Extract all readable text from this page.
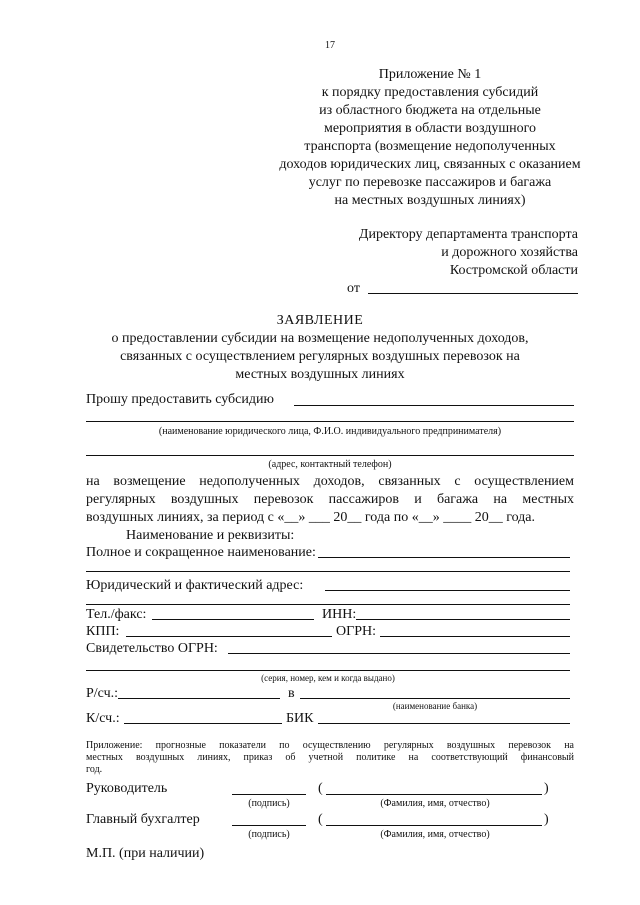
17
Приложение № 1
к порядку предоставления субсидий
из областного бюджета на отдельные
мероприятия в области воздушного
транспорта (возмещение недополученных
доходов юридических лиц, связанных с оказанием
услуг по перевозке пассажиров и багажа
на местных воздушных линиях)
Директору департамента транспорта
и дорожного хозяйства
Костромской области
от
ЗАЯВЛЕНИЕ
о предоставлении субсидии на возмещение недополученных доходов,
связанных с осуществлением регулярных воздушных перевозок на
местных воздушных линиях
Прошу предоставить субсидию
(наименование юридического лица, Ф.И.О. индивидуального предпринимателя)
(адрес, контактный телефон)
на возмещение недополученных доходов, связанных с осуществлением
регулярных воздушных перевозок пассажиров и багажа на местных
воздушных линиях, за период с «__» ___ 20__ года по «__» ____ 20__ года.
Наименование и реквизиты:
Полное и сокращенное наименование:
Юридический и фактический адрес:
Тел./факс:	ИНН:
КПП:	ОГРН:
Свидетельство ОГРН:
(серия, номер, кем и когда выдано)
Р/сч.:	в
(наименование банка)
К/сч.:	БИК
Приложение: прогнозные показатели по осуществлению регулярных воздушных перевозок на
местных воздушных линиях, приказ об учетной политике на соответствующий финансовый
год.
Руководитель	(	)
(подпись)	(Фамилия, имя, отчество)
Главный бухгалтер	(	)
(подпись)	(Фамилия, имя, отчество)
М.П. (при наличии)
